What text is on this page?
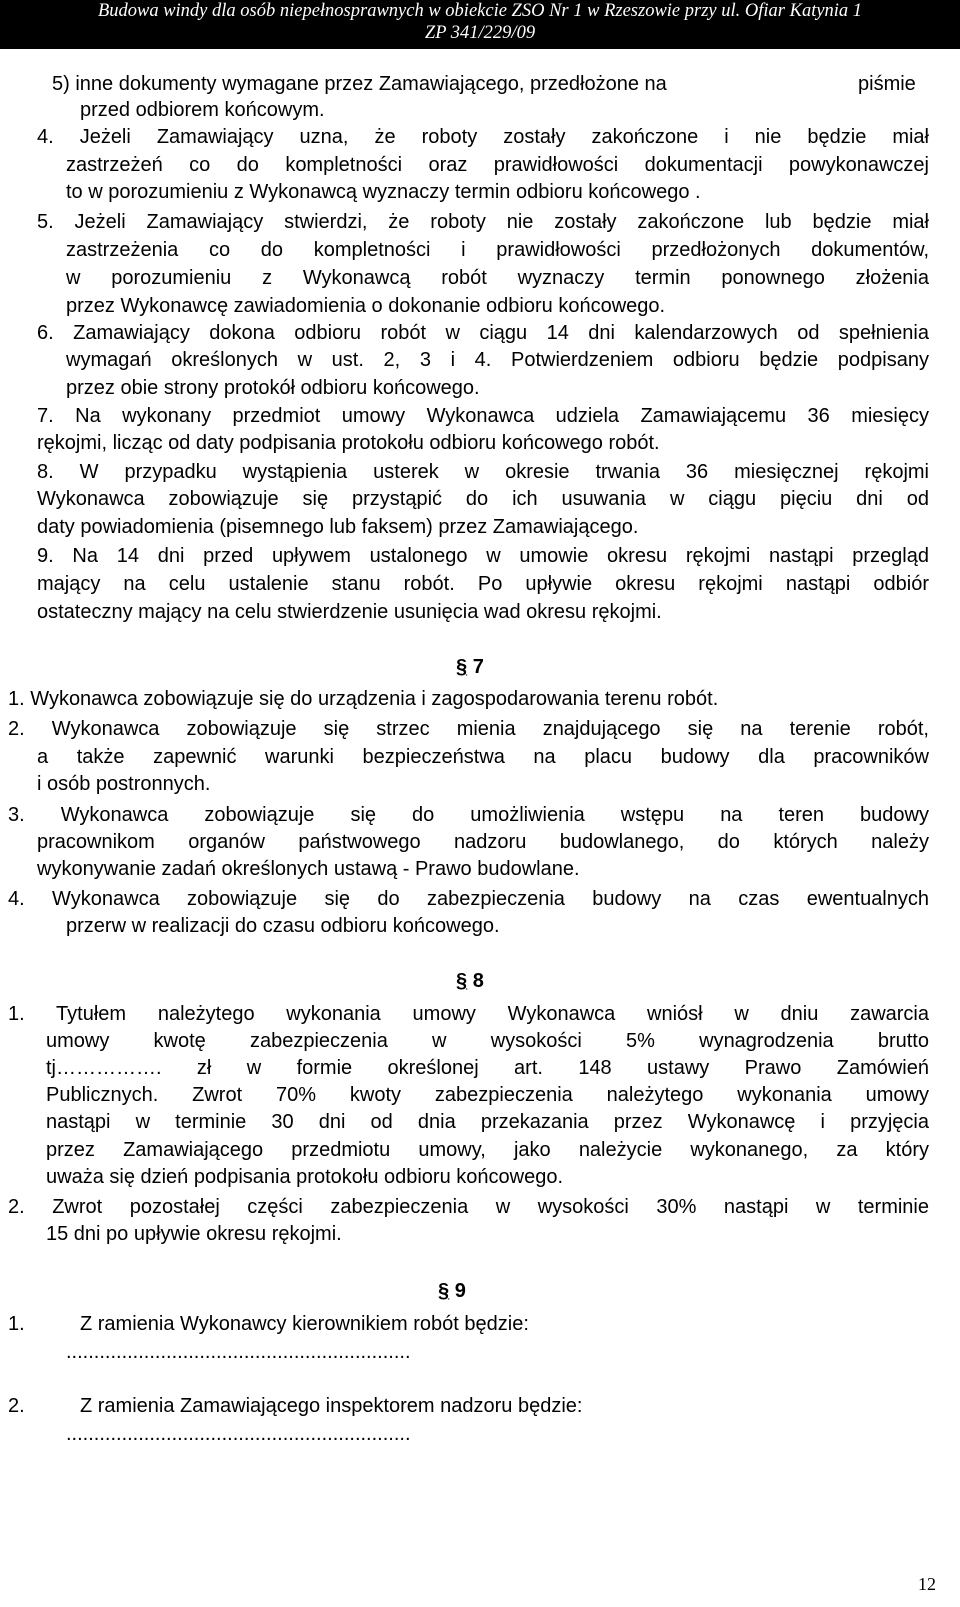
Budowa windy dla osób niepełnosprawnych w obiekcie ZSO Nr 1 w Rzeszowie przy ul. Ofiar Katynia 1
ZP 341/229/09
5) inne dokumenty wymagane przez Zamawiającego, przedłożone na	piśmie
przed odbiorem końcowym.
4. Jeżeli Zamawiający uzna, że roboty zostały zakończone i nie będzie miał
zastrzeżeń co do kompletności oraz prawidłowości dokumentacji powykonawczej
to w porozumieniu z Wykonawcą wyznaczy termin odbioru końcowego .
5. Jeżeli Zamawiający stwierdzi, że roboty nie zostały zakończone lub będzie miał
zastrzeżenia co do kompletności i prawidłowości przedłożonych dokumentów,
w porozumieniu z Wykonawcą robót wyznaczy termin ponownego złożenia
przez Wykonawcę zawiadomienia o dokonanie odbioru końcowego.
6. Zamawiający dokona odbioru robót w ciągu 14 dni kalendarzowych od spełnienia
wymagań określonych w ust. 2, 3 i 4. Potwierdzeniem odbioru będzie podpisany
przez obie strony protokół odbioru końcowego.
7. Na wykonany przedmiot umowy Wykonawca udziela Zamawiającemu 36 miesięcy
rękojmi, licząc od daty podpisania protokołu odbioru końcowego robót.
8. W przypadku wystąpienia usterek w okresie trwania 36 miesięcznej rękojmi
Wykonawca zobowiązuje się przystąpić do ich usuwania w ciągu pięciu dni od
daty powiadomienia (pisemnego lub faksem) przez Zamawiającego.
9. Na 14 dni przed upływem ustalonego w umowie okresu rękojmi nastąpi przegląd
mający na celu ustalenie stanu robót. Po upływie okresu rękojmi nastąpi odbiór
ostateczny mający na celu stwierdzenie usunięcia wad okresu rękojmi.
§ 7
1. Wykonawca zobowiązuje się do urządzenia i zagospodarowania terenu robót.
2. Wykonawca zobowiązuje się strzec mienia znajdującego się na terenie robót,
a także zapewnić warunki bezpieczeństwa na placu budowy dla pracowników
i osób postronnych.
3. Wykonawca zobowiązuje się do umożliwienia wstępu na teren budowy
pracownikom organów państwowego nadzoru budowlanego, do których należy
wykonywanie zadań określonych ustawą - Prawo budowlane.
4. Wykonawca zobowiązuje się do zabezpieczenia budowy na czas ewentualnych
przerw w realizacji do czasu odbioru końcowego.
§ 8
1. Tytułem należytego wykonania umowy Wykonawca wniósł w dniu zawarcia
umowy kwotę zabezpieczenia w wysokości 5% wynagrodzenia brutto
tj……………. zł w formie określonej art. 148 ustawy Prawo Zamówień
Publicznych. Zwrot 70% kwoty zabezpieczenia należytego wykonania umowy
nastąpi w terminie 30 dni od dnia przekazania przez Wykonawcę i przyjęcia
przez Zamawiającego przedmiotu umowy, jako należycie wykonanego, za który
uważa się dzień podpisania protokołu odbioru końcowego.
2. Zwrot pozostałej części zabezpieczenia w wysokości 30% nastąpi w terminie
15 dni po upływie okresu rękojmi.
§ 9
1.	Z ramienia Wykonawcy kierownikiem robót będzie:
..............................................................
2.	Z ramienia Zamawiającego inspektorem nadzoru będzie:
..............................................................
12
